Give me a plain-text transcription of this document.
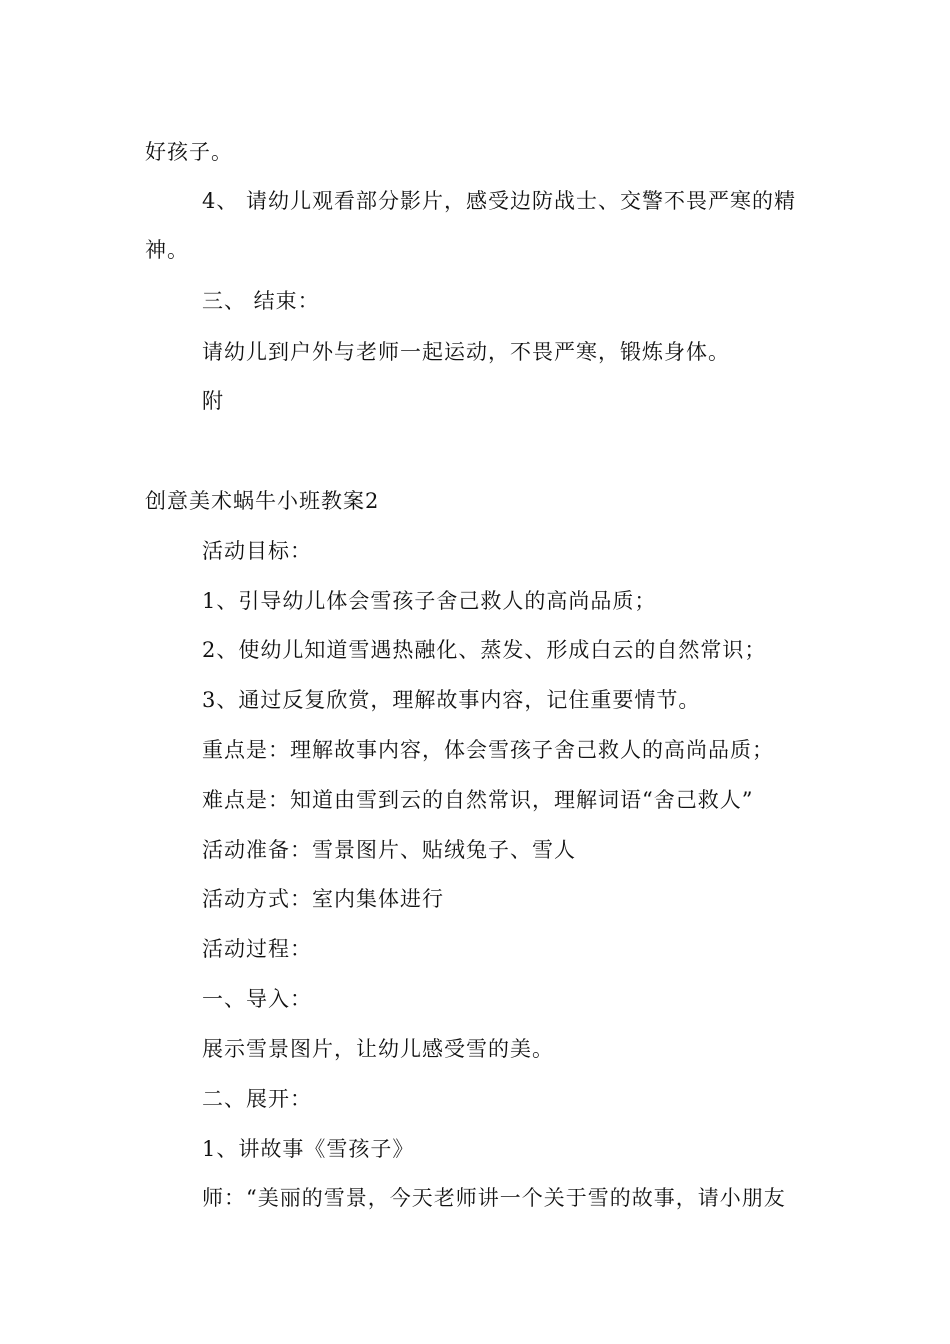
好孩子。
4、 请幼儿观看部分影片，感受边防战士、交警不畏严寒的精
神。
三、 结束：
请幼儿到户外与老师一起运动，不畏严寒，锻炼身体。
附
创意美术蜗牛小班教案2
活动目标：
1、引导幼儿体会雪孩子舍己救人的高尚品质；
2、使幼儿知道雪遇热融化、蒸发、形成白云的自然常识；
3、通过反复欣赏，理解故事内容，记住重要情节。
重点是：理解故事内容，体会雪孩子舍己救人的高尚品质；
难点是：知道由雪到云的自然常识，理解词语“舍己救人”
活动准备：雪景图片、贴绒兔子、雪人
活动方式：室内集体进行
活动过程：
一、导入：
展示雪景图片，让幼儿感受雪的美。
二、展开：
1、讲故事《雪孩子》
师：“美丽的雪景，今天老师讲一个关于雪的故事，请小朋友
